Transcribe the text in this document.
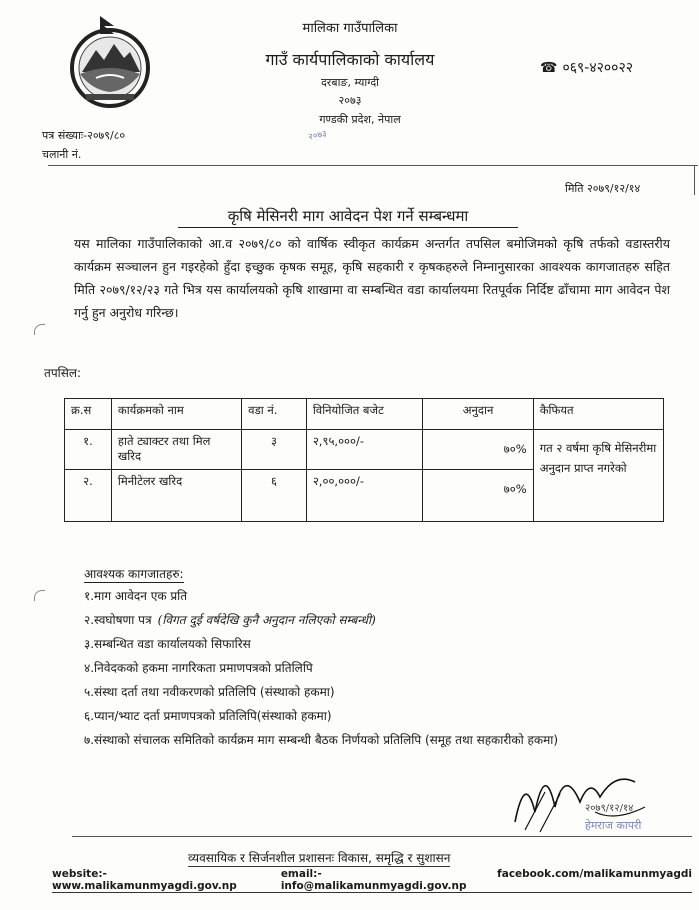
मालिका गाउँपालिका
गाउँ कार्यपालिकाको कार्यालय
दरबाङ, म्याग्दी
२०७३
गण्डकी प्रदेश, नेपाल
२०७३
☎ ०६९-४२००२२
पत्र संख्याः-२०७९/८०
चलानी नं.
मिति २०७९/१२/१४
कृषि मेसिनरी माग आवेदन पेश गर्ने सम्बन्धमा
यस मालिका गाउँपालिकाको आ.व २०७९/८० को वार्षिक स्वीकृत कार्यक्रम अन्तर्गत तपसिल बमोजिमको कृषि तर्फको वडास्तरीय कार्यक्रम सञ्चालन हुन गइरहेको हुँदा इच्छुक कृषक समूह, कृषि सहकारी र कृषकहरुले निम्नानुसारका आवश्यक कागजातहरु सहित मिति २०७९/१२/२३ गते भित्र यस कार्यालयको कृषि शाखामा वा सम्बन्धित वडा कार्यालयमा रितपूर्वक निर्दिष्ट ढाँचामा माग आवेदन पेश गर्नु हुन अनुरोध गरिन्छ।
तपसिल:
क्र.स	कार्यक्रमको नाम	वडा नं.	विनियोजित बजेट	अनुदान	कैफियत
१.	हाते ट्याक्टर तथा मिल खरिद	३	२,९५,०००/-	७०%	गत २ वर्षमा कृषि मेसिनरीमा अनुदान प्राप्त नगरेको
२.	मिनीटेलर खरिद	६	२,००,०००/-	७०%	
आवश्यक कागजातहरु:
१.माग आवेदन एक प्रति
२.स्वघोषणा पत्र (विगत दुई वर्षदेखि कुनै अनुदान नलिएको सम्बन्धी)
३.सम्बन्धित वडा कार्यालयको सिफारिस
४.निवेदकको हकमा नागरिकता प्रमाणपत्रको प्रतिलिपि
५.संस्था दर्ता तथा नवीकरणको प्रतिलिपि (संस्थाको हकमा)
६.प्यान/भ्याट दर्ता प्रमाणपत्रको प्रतिलिपि(संस्थाको हकमा)
७.संस्थाको संचालक समितिको कार्यक्रम माग सम्बन्धी बैठक निर्णयको प्रतिलिपि (समूह तथा सहकारीको हकमा)
२०७९/१२/१४
हेमराज कापरी
व्यवसायिक र सिर्जनशील प्रशासनः विकास, समृद्धि र सुशासन
website:-www.malikamunmyagdi.gov.np
email:-info@malikamunmyagdi.gov.np
facebook.com/malikamunmyagdi
